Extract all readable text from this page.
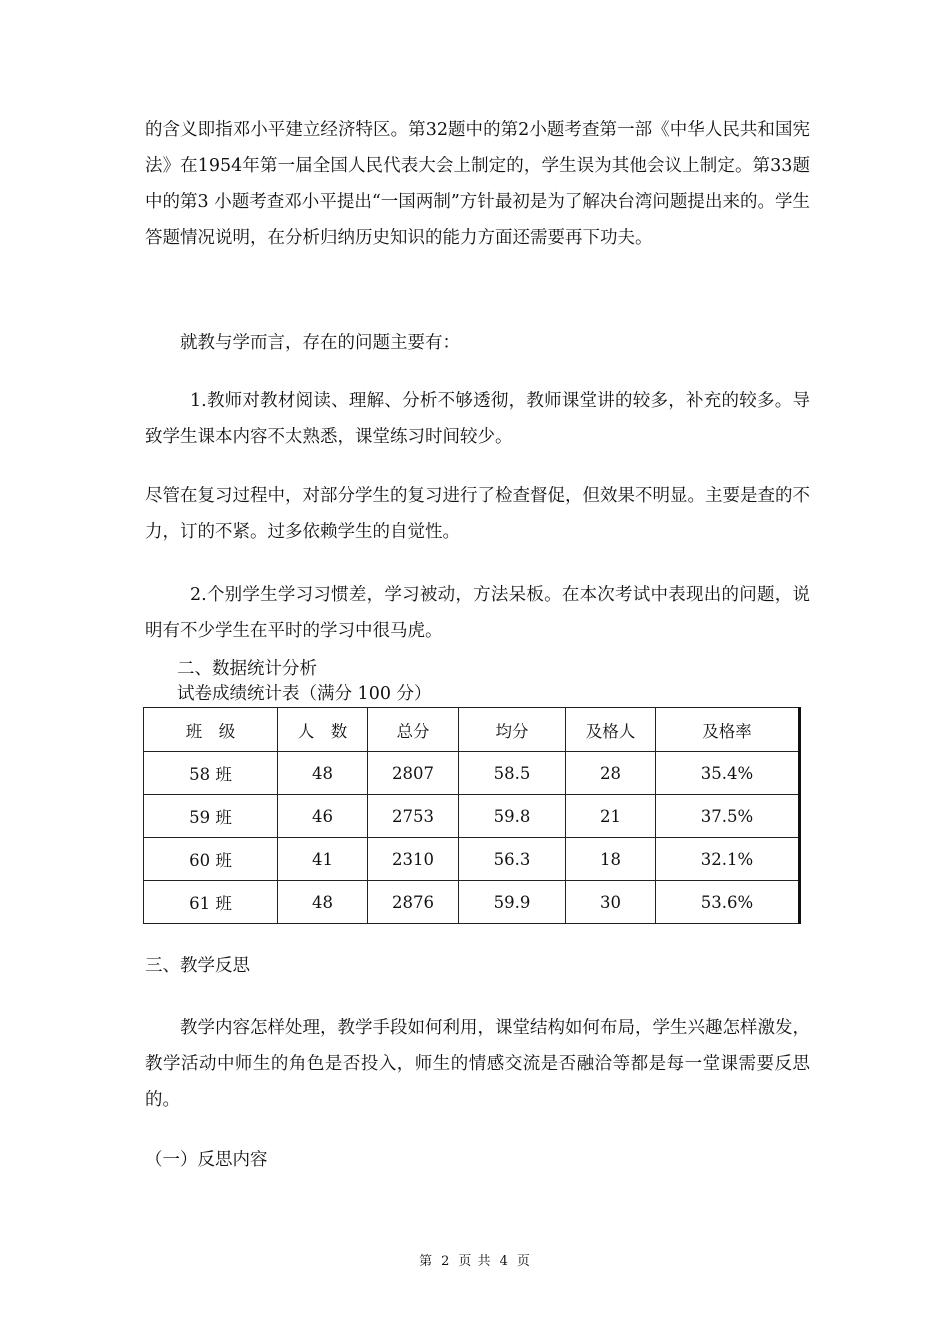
的含义即指邓小平建立经济特区。第32题中的第2小题考查第一部《中华人民共和国宪法》在1954年第一届全国人民代表大会上制定的，学生误为其他会议上制定。第33题中的第3 小题考查邓小平提出“一国两制”方针最初是为了解决台湾问题提出来的。学生答题情况说明，在分析归纳历史知识的能力方面还需要再下功夫。

就教与学而言，存在的问题主要有：

1.教师对教材阅读、理解、分析不够透彻，教师课堂讲的较多，补充的较多。导致学生课本内容不太熟悉，课堂练习时间较少。

尽管在复习过程中，对部分学生的复习进行了检查督促，但效果不明显。主要是查的不力，订的不紧。过多依赖学生的自觉性。

2.个别学生学习习惯差，学习被动，方法呆板。在本次考试中表现出的问题，说明有不少学生在平时的学习中很马虎。

二、数据统计分析

试卷成绩统计表（满分 100 分）

班　级	人　数	总分	均分	及格人	及格率
58 班	48	2807	58.5	28	35.4%
59 班	46	2753	59.8	21	37.5%
60 班	41	2310	56.3	18	32.1%
61 班	48	2876	59.9	30	53.6%

三、教学反思

教学内容怎样处理，教学手段如何利用，课堂结构如何布局，学生兴趣怎样激发，教学活动中师生的角色是否投入，师生的情感交流是否融洽等都是每一堂课需要反思的。

（一）反思内容

第 2 页 共 4 页
